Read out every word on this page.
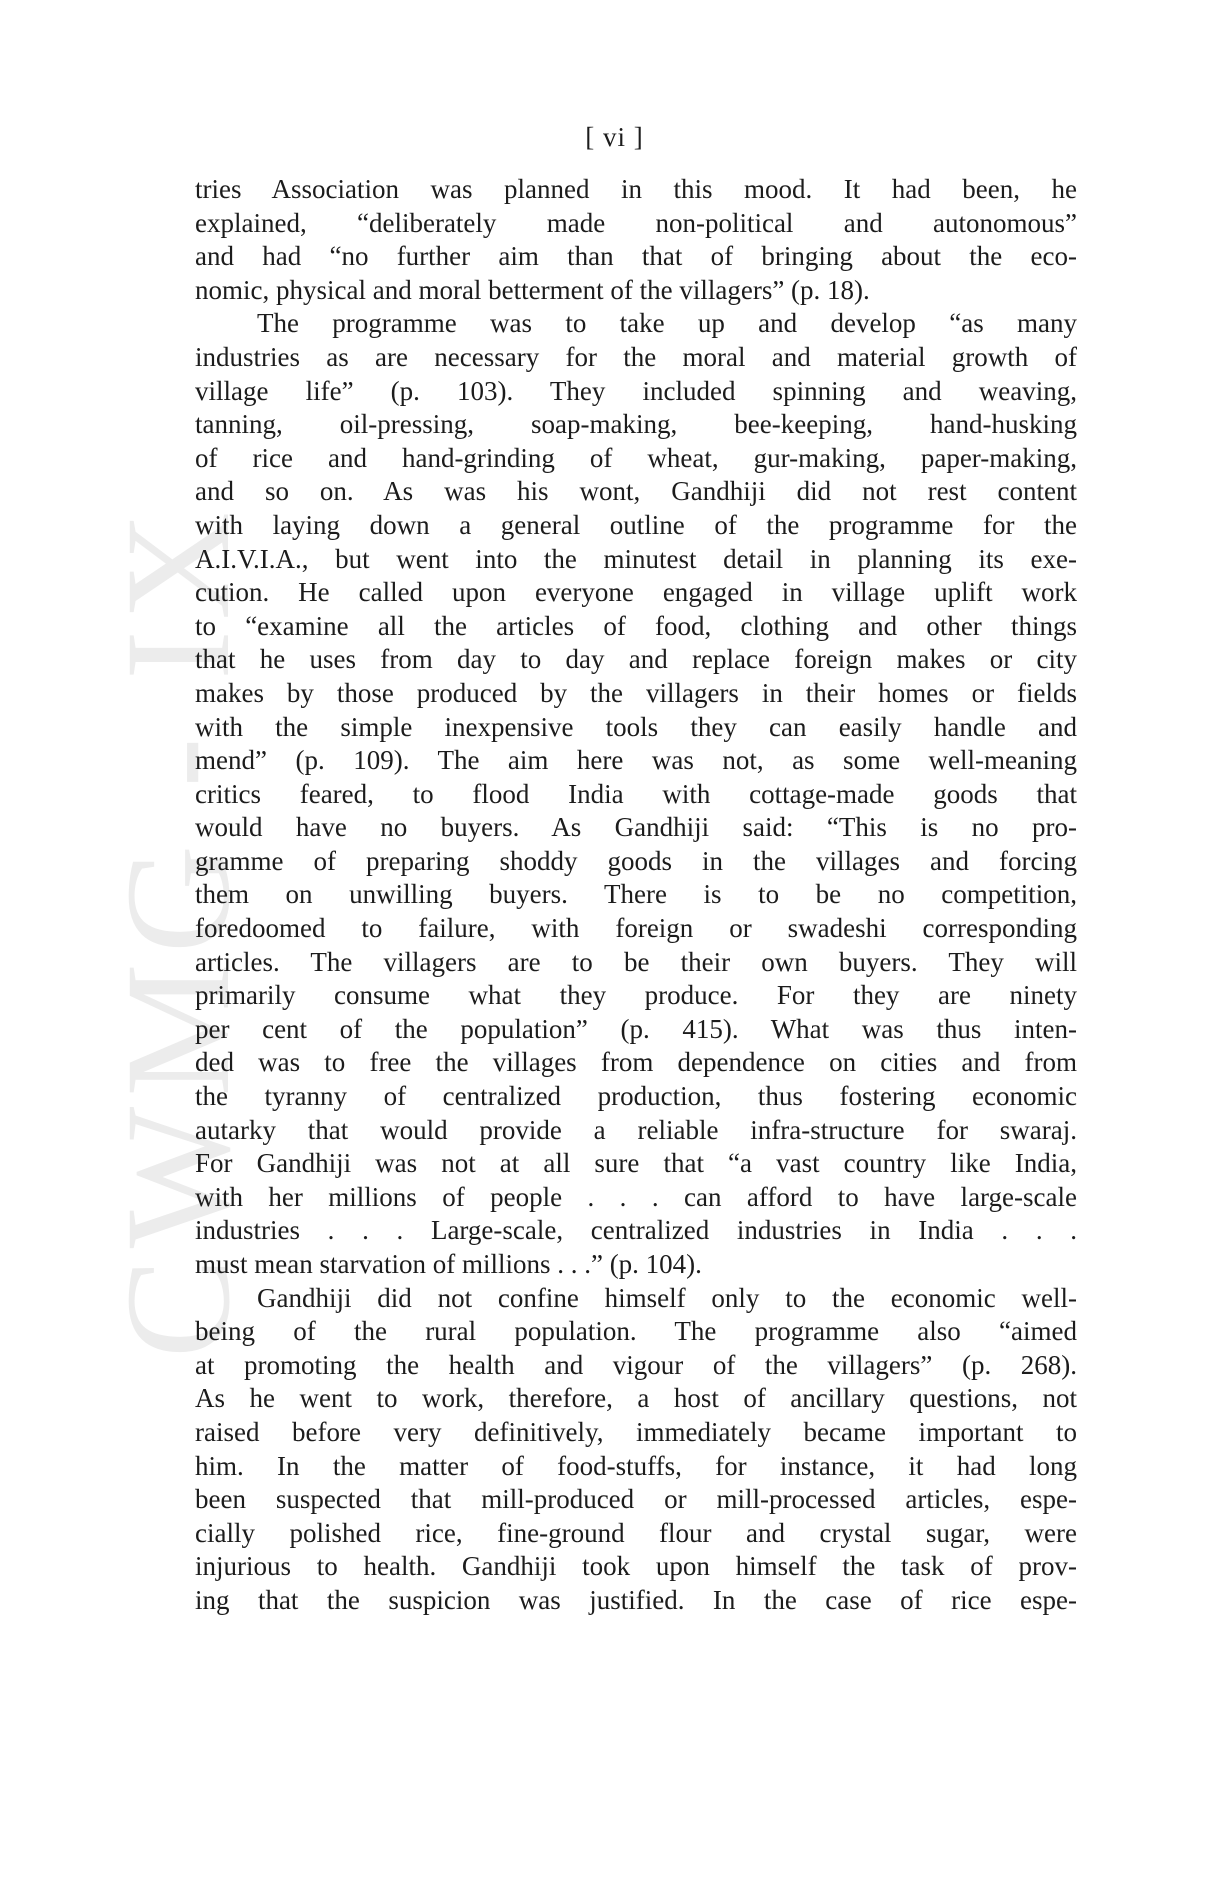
CWMG - IX
[ vi ]
tries Association was planned in this mood. It had been, he
explained, “deliberately made non-political and autonomous”
and had “no further aim than that of bringing about the eco-
nomic, physical and moral betterment of the villagers” (p. 18).
The programme was to take up and develop “as many
industries as are necessary for the moral and material growth of
village life” (p. 103). They included spinning and weaving,
tanning, oil-pressing, soap-making, bee-keeping, hand-husking
of rice and hand-grinding of wheat, gur-making, paper-making,
and so on. As was his wont, Gandhiji did not rest content
with laying down a general outline of the programme for the
A.I.V.I.A., but went into the minutest detail in planning its exe-
cution. He called upon everyone engaged in village uplift work
to “examine all the articles of food, clothing and other things
that he uses from day to day and replace foreign makes or city
makes by those produced by the villagers in their homes or fields
with the simple inexpensive tools they can easily handle and
mend” (p. 109). The aim here was not, as some well-meaning
critics feared, to flood India with cottage-made goods that
would have no buyers. As Gandhiji said: “This is no pro-
gramme of preparing shoddy goods in the villages and forcing
them on unwilling buyers. There is to be no competition,
foredoomed to failure, with foreign or swadeshi corresponding
articles. The villagers are to be their own buyers. They will
primarily consume what they produce. For they are ninety
per cent of the population” (p. 415). What was thus inten-
ded was to free the villages from dependence on cities and from
the tyranny of centralized production, thus fostering economic
autarky that would provide a reliable infra-structure for swaraj.
For Gandhiji was not at all sure that “a vast country like India,
with her millions of people . . . can afford to have large-scale
industries . . . Large-scale, centralized industries in India . . .
must mean starvation of millions . . .” (p. 104).
Gandhiji did not confine himself only to the economic well-
being of the rural population. The programme also “aimed
at promoting the health and vigour of the villagers” (p. 268).
As he went to work, therefore, a host of ancillary questions, not
raised before very definitively, immediately became important to
him. In the matter of food-stuffs, for instance, it had long
been suspected that mill-produced or mill-processed articles, espe-
cially polished rice, fine-ground flour and crystal sugar, were
injurious to health. Gandhiji took upon himself the task of prov-
ing that the suspicion was justified. In the case of rice espe-
